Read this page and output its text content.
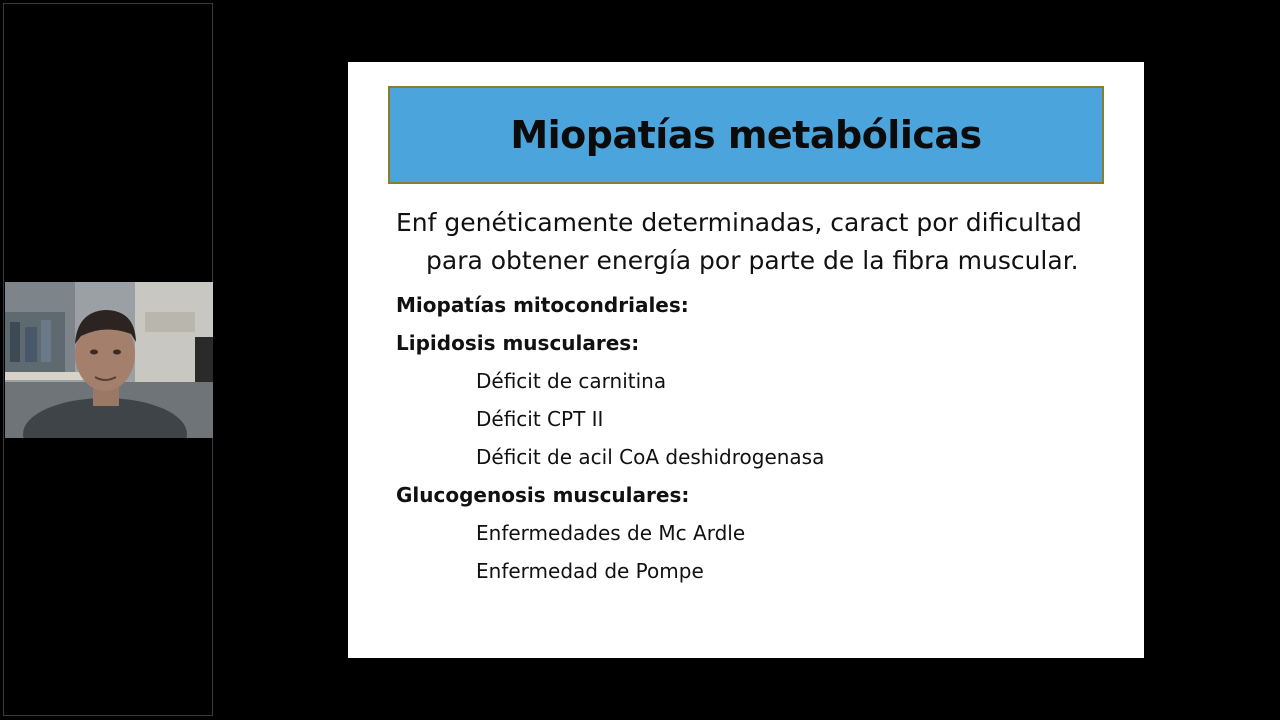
Miopatías metabólicas

Enf genéticamente determinadas, caract por dificultad
para obtener energía por parte de la fibra muscular.

Miopatías mitocondriales:

Lipidosis musculares:

Déficit de carnitina

Déficit CPT II

Déficit de acil CoA deshidrogenasa

Glucogenosis musculares:

Enfermedades de Mc Ardle

Enfermedad de Pompe
